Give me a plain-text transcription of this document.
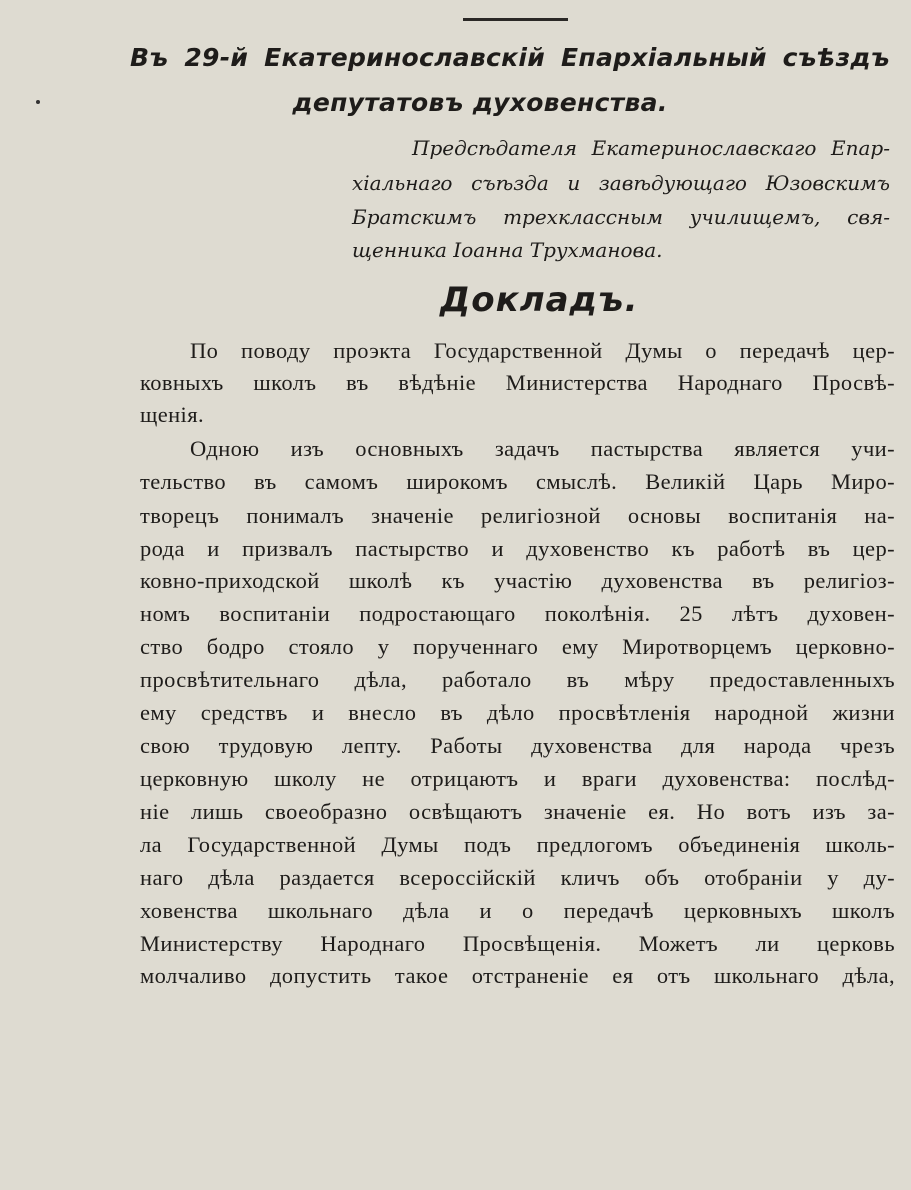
Въ 29-й Екатеринославскій Епархіальный съѣздъ

депутатовъ духовенства.

Предсѣдателя Екатеринославскаго Епар-

хіальнаго съѣзда и завѣдующаго Юзовскимъ

Братскимъ трехклассным училищемъ, свя-

щенника Іоанна Трухманова.

Докладъ.

По поводу проэкта Государственной Думы о передачѣ цер-

ковныхъ школъ въ вѣдѣніе Министерства Народнаго Просвѣ-

щенія.

Одною изъ основныхъ задачъ пастырства является учи-

тельство въ самомъ широкомъ смыслѣ. Великій Царь Миро-

творецъ понималъ значеніе религіозной основы воспитанія на-

рода и призвалъ пастырство и духовенство къ работѣ въ цер-

ковно-приходской школѣ къ участію духовенства въ религіоз-

номъ воспитаніи подростающаго поколѣнія. 25 лѣтъ духовен-

ство бодро стояло у порученнаго ему Миротворцемъ церковно-

просвѣтительнаго дѣла, работало въ мѣру предоставленныхъ

ему средствъ и внесло въ дѣло просвѣтленія народной жизни

свою трудовую лепту. Работы духовенства для народа чрезъ

церковную школу не отрицаютъ и враги духовенства: послѣд-

ніе лишь своеобразно освѣщаютъ значеніе ея. Но вотъ изъ за-

ла Государственной Думы подъ предлогомъ объединенія школь-

наго дѣла раздается всероссійскій кличъ объ отобраніи у ду-

ховенства школьнаго дѣла и о передачѣ церковныхъ школъ

Министерству Народнаго Просвѣщенія. Можетъ ли церковь

молчаливо допустить такое отстраненіе ея отъ школьнаго дѣла,
